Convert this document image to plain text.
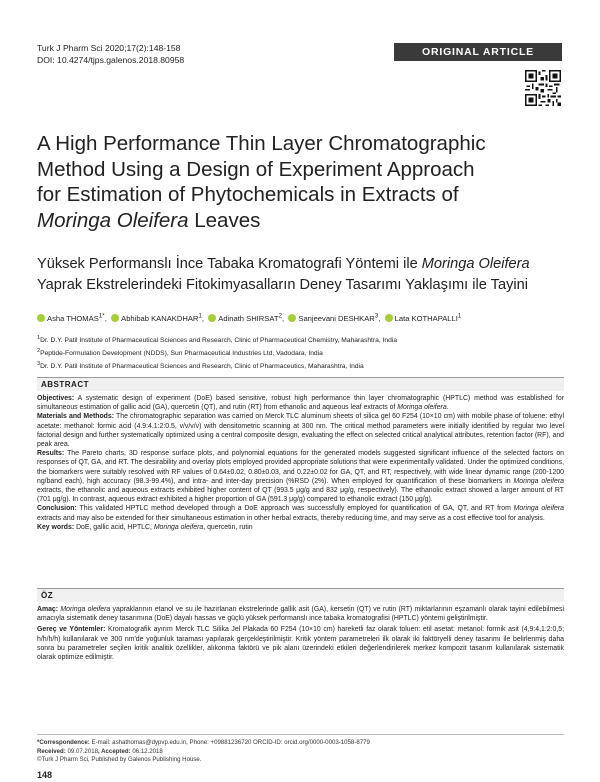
Turk J Pharm Sci 2020;17(2):148-158
DOI: 10.4274/tjps.galenos.2018.80958
ORIGINAL ARTICLE
A High Performance Thin Layer Chromatographic
Method Using a Design of Experiment Approach
for Estimation of Phytochemicals in Extracts of
Moringa Oleifera Leaves
Yüksek Performanslı İnce Tabaka Kromatografi Yöntemi ile Moringa Oleifera
Yaprak Ekstrelerindeki Fitokimyasalların Deney Tasarımı Yaklaşımı ile Tayini
Asha $THOMAS^{1*}$,  Abhibab KANAKDHAR$^1$,  Adinath SHIRSAT$^2$,  Sanjeevani DESHKAR$^3$,  Lata KOTHAPALLI$^1$
$^1$Dr. D.Y. Patil Institute of Pharmaceutical Sciences and Research, Clinic of Pharmaceutical Chemistry, Maharashtra, India
$^2$Peptide-Formulation Development (NDDS), Sun Pharmaceutical Industries Ltd, Vadodara, India
$^3$Dr. D.Y. Patil Institute of Pharmaceutical Sciences and Research, Clinic of Pharmaceutics, Maharashtra, India
ABSTRACT

Objectives: A systematic design of experiment (DoE) based sensitive, robust high performance thin layer chromatographic (HPTLC) method was established for simultaneous estimation of gallic acid (GA), quercetin (QT), and rutin (RT) from ethanolic and aqueous leaf extracts of Moringa oleifera.

Materials and Methods: The chromatographic separation was carried on Merck TLC aluminum sheets of silica gel 60 F254 (10×10 cm) with mobile phase of toluene: ethyl acetate: methanol: formic acid (4.9:4.1:2:0.5, v/v/v/v) with densitometric scanning at 300 nm. The critical method parameters were initially identified by regular two level factorial design and further systematically optimized using a central composite design, evaluating the effect on selected critical analytical attributes, retention factor (RF), and peak area.

Results: The Pareto charts, 3D response surface plots, and polynomial equations for the generated models suggested significant influence of the selected factors on responses of QT, GA, and RT. The desirability and overlay plots employed provided appropriate solutions that were experimentally validated. Under the optimized conditions, the biomarkers were suitably resolved with RF values of 0.64±0.02, 0.80±0.03, and 0.22±0.02 for GA, QT, and RT, respectively, with wide linear dynamic range (200-1200 ng/band each), high accuracy (98.3-99.4%), and intra- and inter-day precision (%RSD (2%). When employed for quantification of these biomarkers in Moringa oleifera extracts, the ethanolic and aqueous extracts exhibited higher content of QT (993.5 μg/g and 832 μg/g, respectively). The ethanolic extract showed a larger amount of RT (701 μg/g). In contrast, aqueous extract exhibited a higher proportion of GA (591.3 μg/g) compared to ethanolic extract (150 μg/g).

Conclusion: This validated HPTLC method developed through a DoE approach was successfully employed for quantification of GA, QT, and RT from Moringa oleifera extracts and may also be extended for their simultaneous estimation in other herbal extracts, thereby reducing time, and may serve as a cost effective tool for analysis.

Key words: DoE, gallic acid, HPTLC, Moringa oleifera, quercetin, rutin

ÖZ

Amaç: Moringa oleifera yapraklarının etanol ve su ile hazırlanan ekstrelerinde gallik asit (GA), kersetin (QT) ve rutin (RT) miktarlarının eşzamanlı olarak tayini edilebilmesi amacıyla sistematik deney tasarımına (DoE) dayalı hassas ve güçlü yüksek performanslı ince tabaka kromatografisi (HPTLC) yöntemi geliştirilmiştir.

Gereç ve Yöntemler: Kromatografik ayırım Merck TLC Silika Jel Plakada 60 F254 (10×10 cm) hareketli faz olarak toluen: etil asetat: metanol: formik asit (4,9:4,1:2:0,5; h/h/h/h) kullanılarak ve 300 nm'de yoğunluk taraması yapılarak gerçekleştirilmiştir. Kritik yöntem parametreleri ilk olarak iki faktöryelli deney tasarımı ile belirlenmiş daha sonra bu parametreler seçilen kritik analitik özellikler, alıkonma faktörü ve pik alanı üzerindeki etkileri değerlendirilerek merkez kompozit tasarım kullanılarak sistematik olarak optimize edilmiştir.

*Correspondence: E-mail: ashathomas@dypvp.edu.in, Phone: +09881236720 ORCID-ID: orcid.org/0000-0003-1058-8779
Received: 09.07.2018, Accepted: 06.12.2018
©Turk J Pharm Sci, Published by Galenos Publishing House.
148
